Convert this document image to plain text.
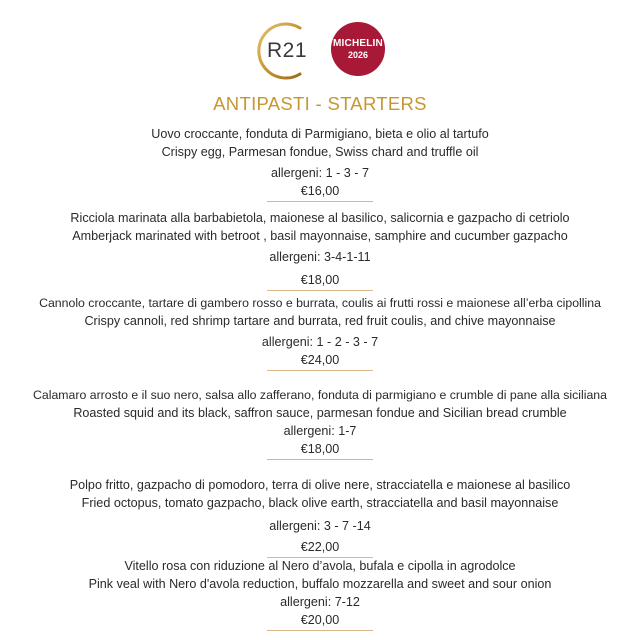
R21	MICHELIN
2026
ANTIPASTI - STARTERS
Uovo croccante, fonduta di Parmigiano, bieta e olio al tartufo
Crispy egg, Parmesan fondue, Swiss chard and truffle oil
allergeni: 1 - 3 - 7
€16,00
Ricciola marinata alla barbabietola, maionese al basilico, salicornia e gazpacho di cetriolo
Amberjack marinated with betroot , basil mayonnaise, samphire and cucumber gazpacho
allergeni: 3-4-1-11
€18,00
Cannolo croccante, tartare di gambero rosso e burrata, coulis ai frutti rossi e maionese all’erba cipollina
Crispy cannoli, red shrimp tartare and burrata, red fruit coulis, and chive mayonnaise
allergeni: 1 - 2 - 3 - 7
€24,00
Calamaro arrosto e il suo nero, salsa allo zafferano, fonduta di parmigiano e crumble di pane alla siciliana
Roasted squid and its black, saffron sauce, parmesan fondue and Sicilian bread crumble
allergeni: 1-7
€18,00
Polpo fritto, gazpacho di pomodoro, terra di olive nere, stracciatella e maionese al basilico
Fried octopus, tomato gazpacho, black olive earth, stracciatella and basil mayonnaise
allergeni: 3 - 7 -14
€22,00
Vitello rosa con riduzione al Nero d’avola, bufala e cipolla in agrodolce
Pink veal with Nero d'avola reduction, buffalo mozzarella and sweet and sour onion
allergeni: 7-12
€20,00
